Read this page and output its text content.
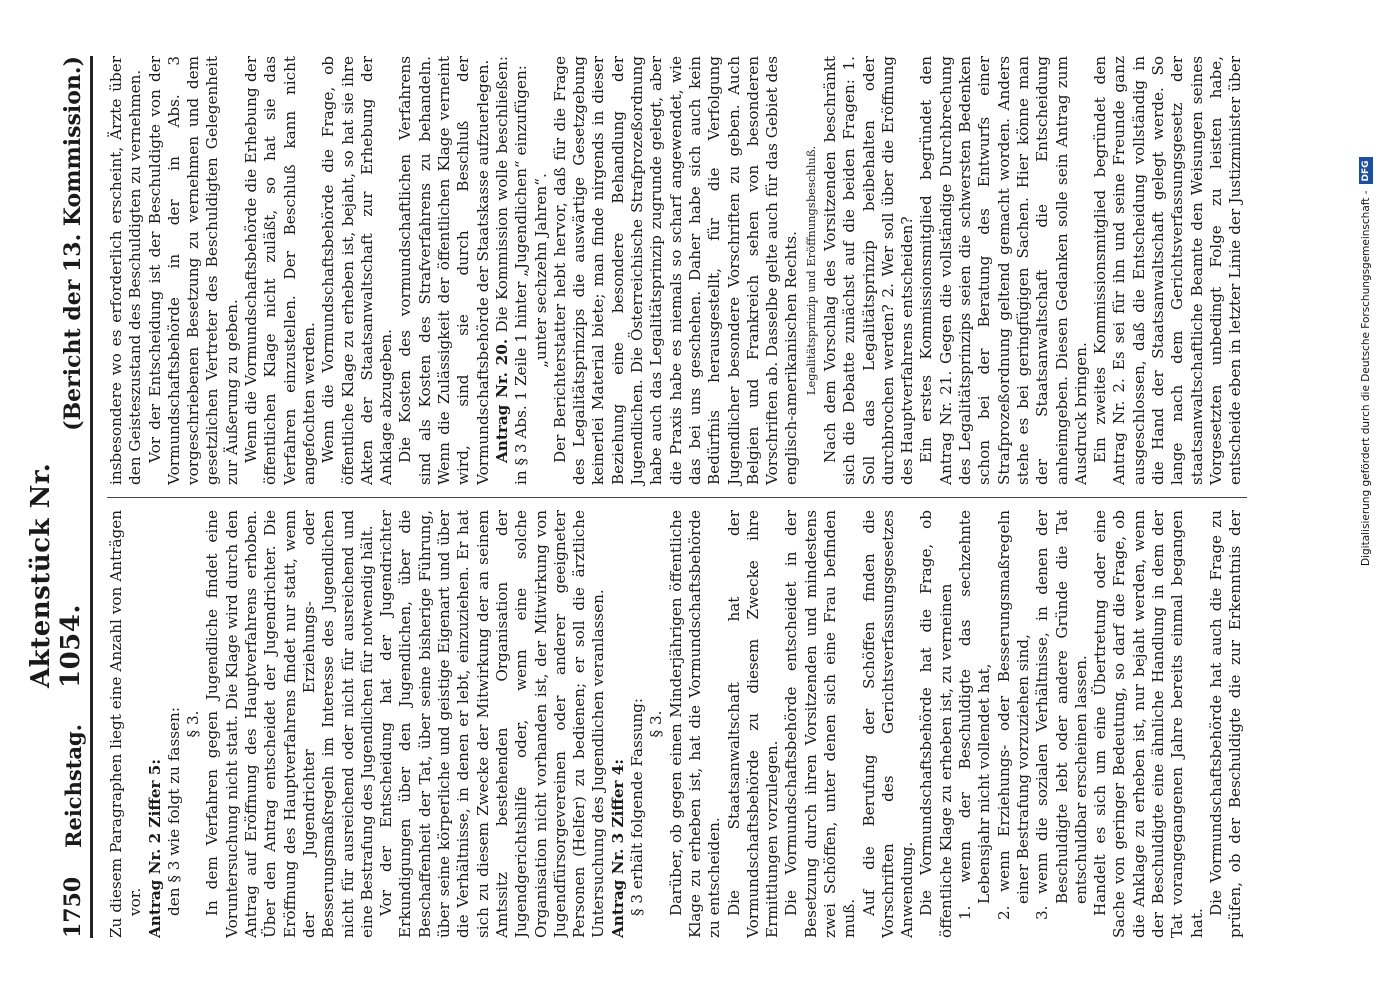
1750
Reichstag.
Aktenstück Nr. 1054.
(Bericht der 13. Kommission.)

Zu diesem Paragraphen liegt eine Anzahl von Anträgen vor. Antrag Nr. 2 Ziffer 5: den § 3 wie folgt zu fassen: § 3. In dem Verfahren gegen Jugendliche findet eine Voruntersuchung nicht statt. Die Klage wird durch den Antrag auf Eröffnung des Hauptverfahrens erhoben. Über den Antrag entscheidet der Jugendrichter. Die Eröffnung des Hauptverfahrens findet nur statt, wenn der Jugendrichter Erziehungs- oder Besserungsmaßregeln im Interesse des Jugendlichen nicht für ausreichend oder nicht für ausreichend und eine Bestrafung des Jugendlichen für notwendig hält. Vor der Entscheidung hat der Jugendrichter Erkundigungen über den Jugendlichen, über die Beschaffenheit der Tat, über seine bisherige Führung, über seine körperliche und geistige Eigenart und über die Verhältnisse, in denen er lebt, einzuziehen. Er hat sich zu diesem Zwecke der Mitwirkung der an seinem Amtssitz bestehenden Organisation der Jugendgerichtshilfe oder, wenn eine solche Organisation nicht vorhanden ist, der Mitwirkung von Jugendfürsorgevereinen oder anderer geeigneter Personen (Helfer) zu bedienen; er soll die ärztliche Untersuchung des Jugendlichen veranlassen. Antrag Nr. 3 Ziffer 4: § 3 erhält folgende Fassung: § 3. Darüber, ob gegen einen Minderjährigen öffentliche Klage zu erheben ist, hat die Vormundschaftsbehörde zu entscheiden. Die Staatsanwaltschaft hat der Vormundschaftsbehörde zu diesem Zwecke ihre Ermittlungen vorzulegen. Die Vormundschaftsbehörde entscheidet in der Besetzung durch ihren Vorsitzenden und mindestens zwei Schöffen, unter denen sich eine Frau befinden muß.

Auf die Berufung der Schöffen finden die Vorschriften des Gerichtsverfassungsgesetzes Anwendung. Die Vormundschaftsbehörde hat die Frage, ob öffentliche Klage zu erheben ist, zu verneinen 1. wenn der Beschuldigte das sechzehnte Lebensjahr nicht vollendet hat, 2. wenn Erziehungs- oder Besserungsmaßregeln einer Bestrafung vorzuziehen sind, 3. wenn die sozialen Verhältnisse, in denen der Beschuldigte lebt oder andere Gründe die Tat entschuldbar erscheinen lassen. Handelt es sich um eine Übertretung oder eine Sache von geringer Bedeutung, so darf die Frage, ob die Anklage zu erheben ist, nur bejaht werden, wenn der Beschuldigte eine ähnliche Handlung in dem der Tat vorangegangenen Jahre bereits einmal begangen hat.

Die Vormundschaftsbehörde hat auch die Frage zu prüfen, ob der Beschuldigte die zur Erkenntnis der

insbesondere wo es erforderlich erscheint, Ärzte über den Geisteszustand des Beschuldigten zu vernehmen. Vor der Entscheidung ist der Beschuldigte von der Vormundschaftsbehörde in der in Abs. 3 vorgeschriebenen Besetzung zu vernehmen und dem gesetzlichen Vertreter des Beschuldigten Gelegenheit zur Äußerung zu geben. Wenn die Vormundschaftsbehörde die Erhebung der öffentlichen Klage nicht zuläßt, so hat sie das Verfahren einzustellen. Der Beschluß kann nicht angefochten werden. Wenn die Vormundschaftsbehörde die Frage, ob öffentliche Klage zu erheben ist, bejaht, so hat sie ihre Akten der Staatsanwaltschaft zur Erhebung der Anklage abzugeben. Die Kosten des vormundschaftlichen Verfahrens sind als Kosten des Strafverfahrens zu behandeln. Wenn die Zulässigkeit der öffentlichen Klage verneint wird, sind sie durch Beschluß der Vormundschaftsbehörde der Staatskasse aufzuerlegen. Antrag Nr. 20. Die Kommission wolle beschließen: in § 3 Abs. 1 Zeile 1 hinter „Jugendlichen“ einzufügen: „unter sechzehn Jahren“. Der Berichterstatter hebt hervor, daß für die Frage des Legalitätsprinzips die auswärtige Gesetzgebung keinerlei Material biete; man finde nirgends in dieser Beziehung eine besondere Behandlung der Jugendlichen. Die Österreichische Strafprozeßordnung habe auch das Legalitätsprinzip zugrunde gelegt, aber die Praxis habe es niemals so scharf angewendet, wie das bei uns geschehen. Daher habe sich auch kein Bedürfnis herausgestellt, für die Verfolgung Jugendlicher besondere Vorschriften zu geben. Auch Belgien und Frankreich sehen von besonderen Vorschriften ab. Dasselbe gelte auch für das Gebiet des englisch-amerikanischen Rechts. Legalitätsprinzip und Eröffnungsbeschluß. Nach dem Vorschlag des Vorsitzenden beschränkt sich die Debatte zunächst auf die beiden Fragen: 1. Soll das Legalitätsprinzip beibehalten oder durchbrochen werden? 2. Wer soll über die Eröffnung des Hauptverfahrens entscheiden? Ein erstes Kommissionsmitglied begründet den Antrag Nr. 21. Gegen die vollständige Durchbrechung des Legalitätsprinzips seien die schwersten Bedenken schon bei der Beratung des Entwurfs einer Strafprozeßordnung geltend gemacht worden. Anders stehe es bei geringfügigen Sachen. Hier könne man der Staatsanwaltschaft die Entscheidung anheimgeben. Diesen Gedanken solle sein Antrag zum Ausdruck bringen. Ein zweites Kommissionsmitglied begründet den Antrag Nr. 2. Es sei für ihn und seine Freunde ganz ausgeschlossen, daß die Entscheidung vollständig in die Hand der Staatsanwaltschaft gelegt werde. So lange nach dem Gerichtsverfassungsgesetz der staatsanwaltschaftliche Beamte den Weisungen seines Vorgesetzten unbedingt Folge zu leisten habe, entscheide eben in letzter Linie der Justizminister über

Digitalisierung gefördert durch die Deutsche Forschungsgemeinschaft -
DFG
